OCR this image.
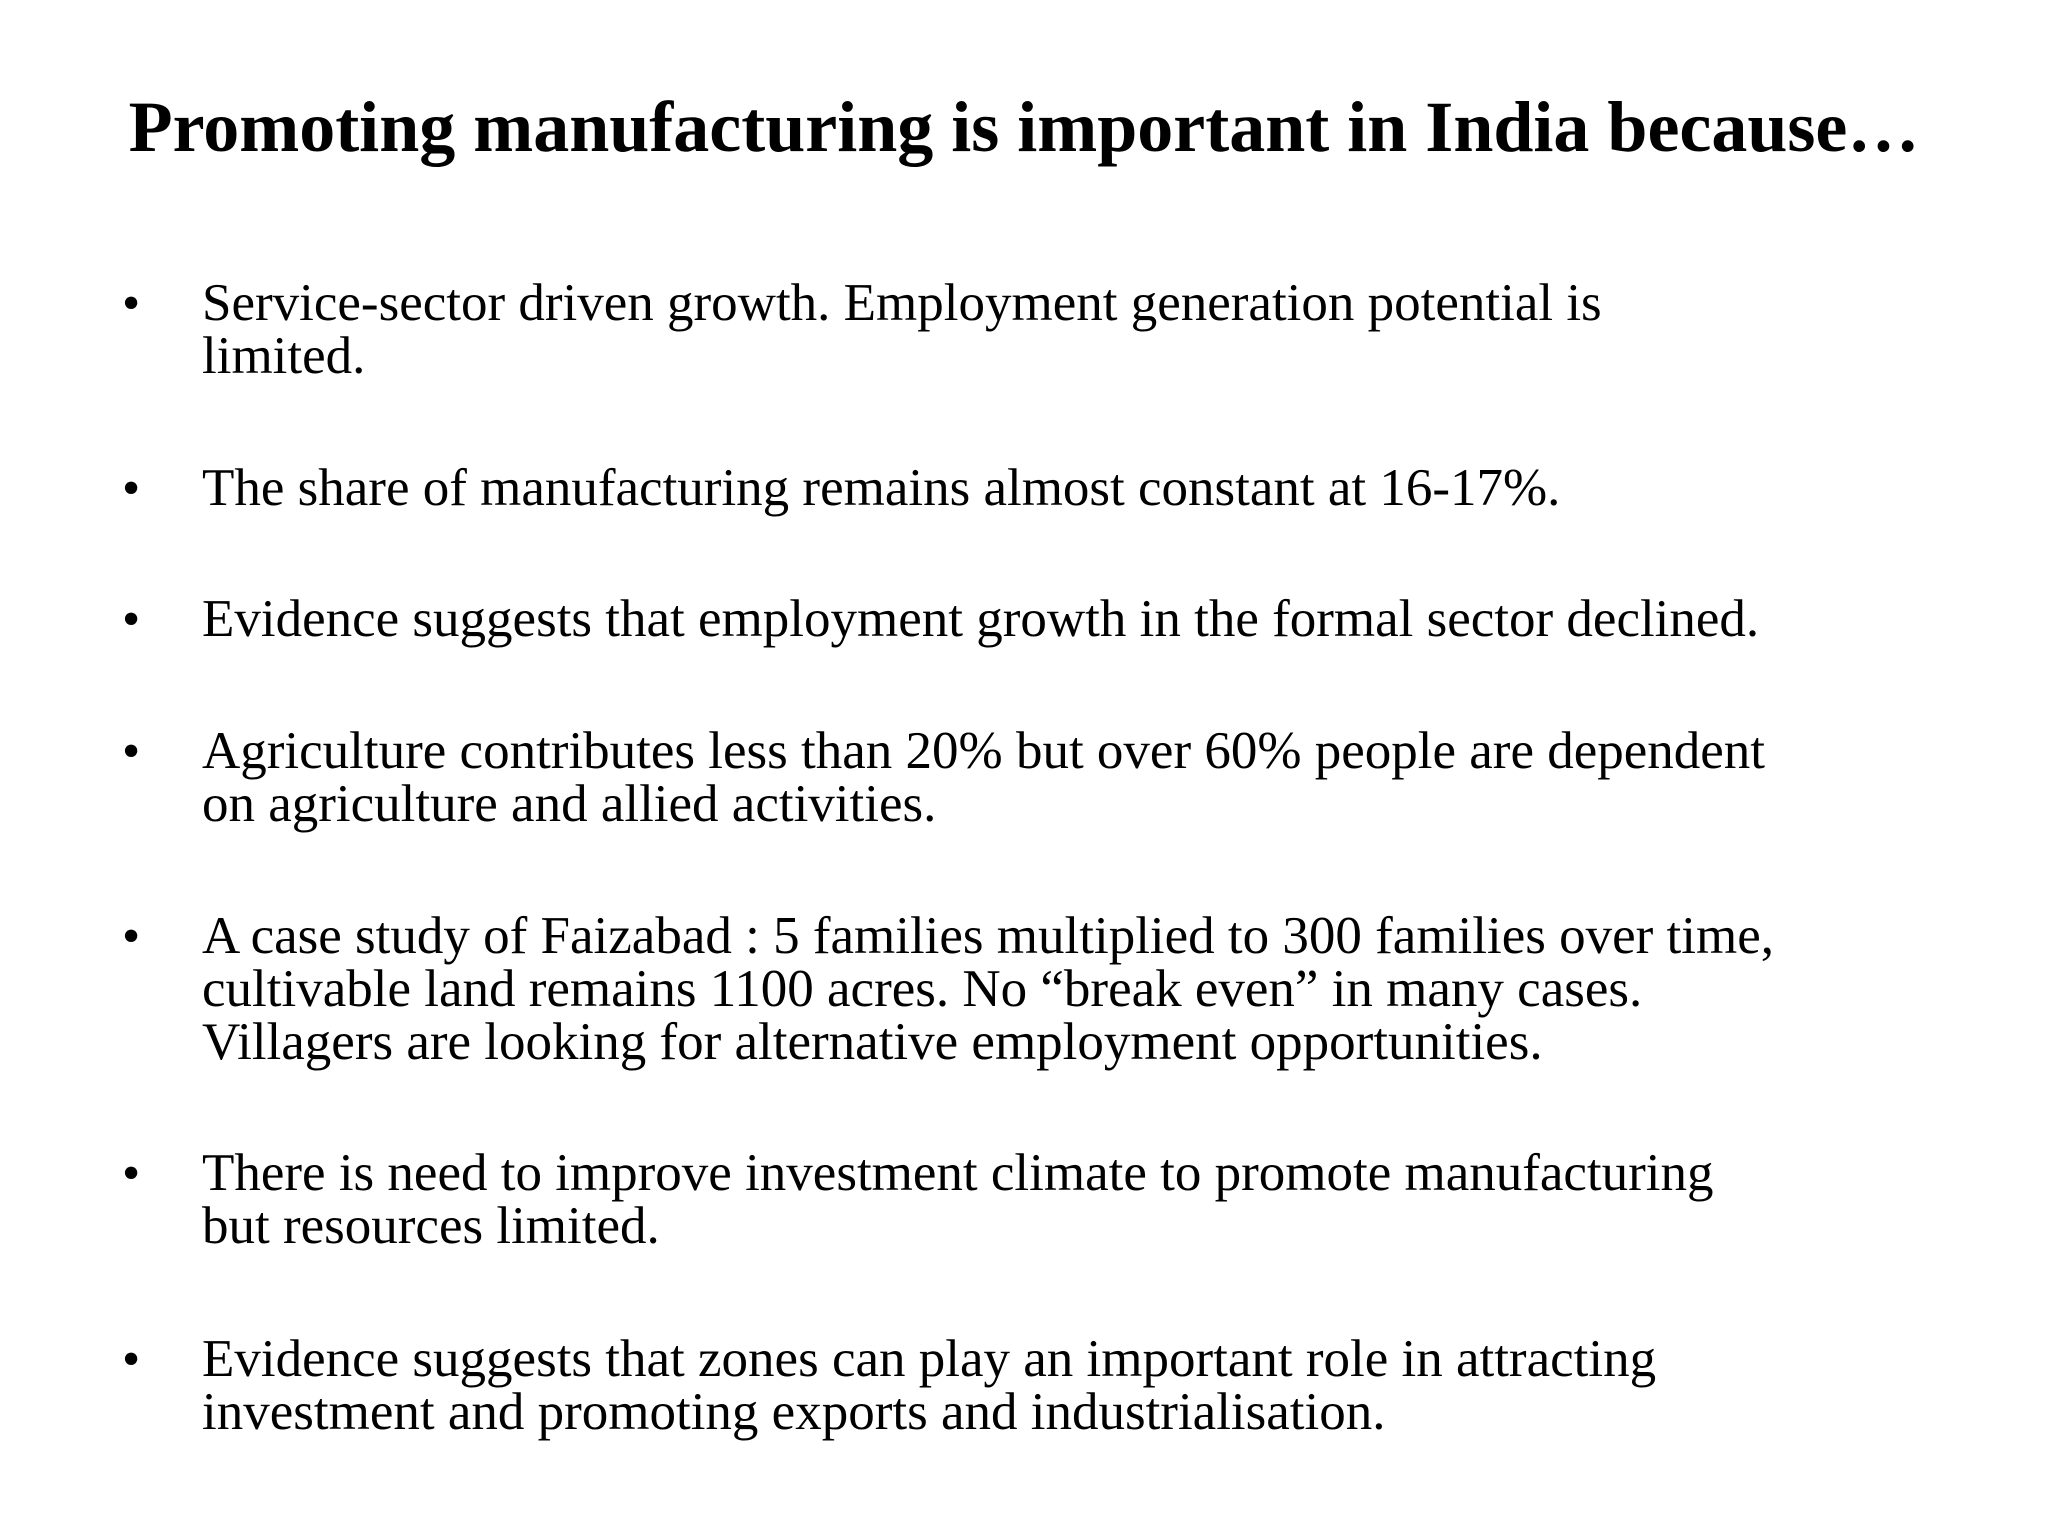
Promoting manufacturing is important in India because…
• Service-sector driven growth. Employment generation potential is
limited.
• The share of manufacturing remains almost constant at 16-17%.
• Evidence suggests that employment growth in the formal sector declined.
• Agriculture contributes less than 20% but over 60% people are dependent
on agriculture and allied activities.
• A case study of Faizabad : 5 families multiplied to 300 families over time,
cultivable land remains 1100 acres. No “break even” in many cases.
Villagers are looking for alternative employment opportunities.
• There is need to improve investment climate to promote manufacturing
but resources limited.
• Evidence suggests that zones can play an important role in attracting
investment and promoting exports and industrialisation.
